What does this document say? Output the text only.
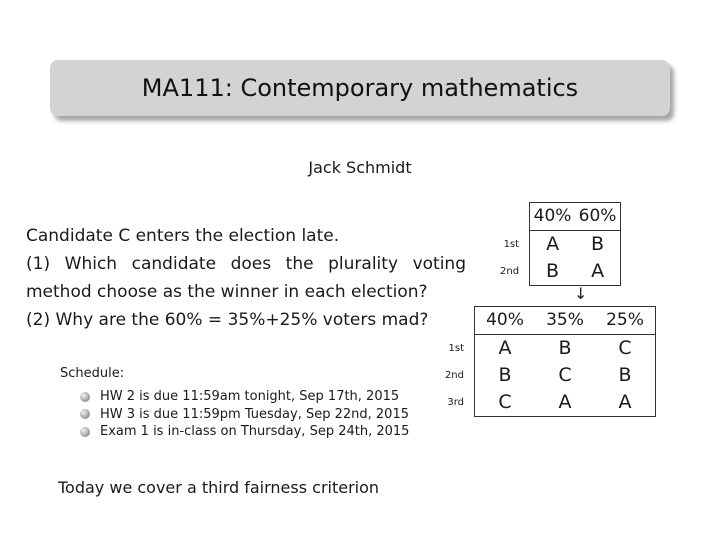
MA111: Contemporary mathematics
Jack Schmidt

Candidate C enters the election late.

(1) Which candidate does the plurality voting

method choose as the winner in each election?

(2) Why are the 60% = 35%+25% voters mad?

	40%	60%
1st	A	B
2nd	B	A
↓
	40%	35%	25%
1st	A	B	C
2nd	B	C	B
3rd	C	A	A
Schedule:
HW 2 is due 11:59am tonight, Sep 17th, 2015
HW 3 is due 11:59pm Tuesday, Sep 22nd, 2015
Exam 1 is in-class on Thursday, Sep 24th, 2015
Today we cover a third fairness criterion
